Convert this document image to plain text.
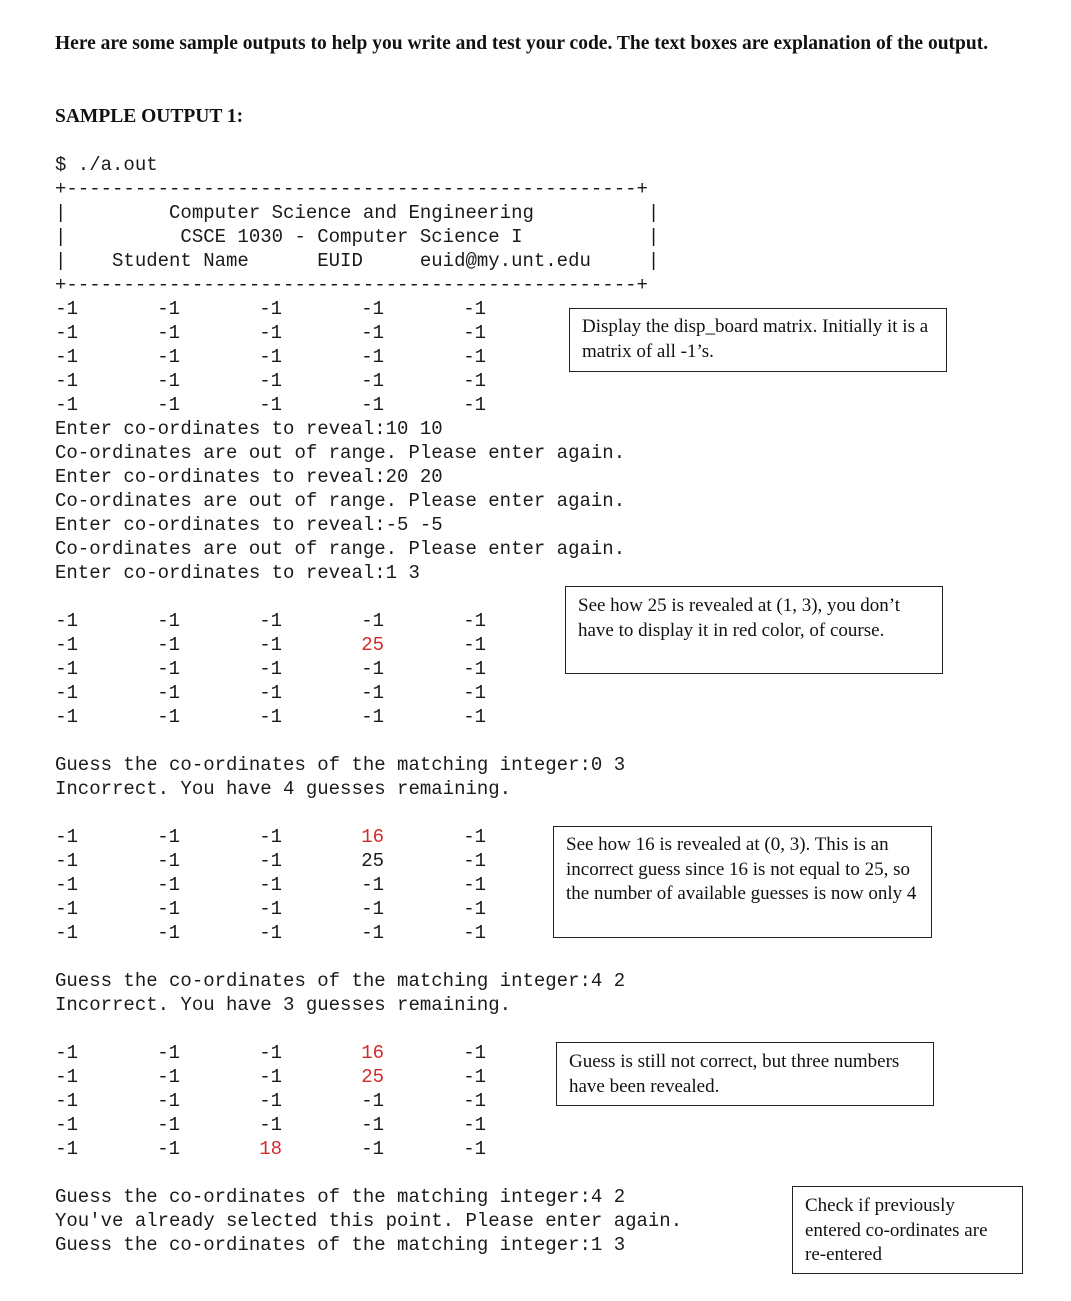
Here are some sample outputs to help you write and test your code. The text boxes are explanation of the output.
SAMPLE OUTPUT 1:
$ ./a.out
+--------------------------------------------------+
|         Computer Science and Engineering          |
|          CSCE 1030 - Computer Science I           |
|    Student Name      EUID     euid@my.unt.edu     |
+--------------------------------------------------+
Enter co-ordinates to reveal:10 10
Co-ordinates are out of range. Please enter again.
Enter co-ordinates to reveal:20 20
Co-ordinates are out of range. Please enter again.
Enter co-ordinates to reveal:-5 -5
Co-ordinates are out of range. Please enter again.
Enter co-ordinates to reveal:1 3
Guess the co-ordinates of the matching integer:0 3
Incorrect. You have 4 guesses remaining.
Guess the co-ordinates of the matching integer:4 2
Incorrect. You have 3 guesses remaining.
Guess the co-ordinates of the matching integer:4 2
You've already selected this point. Please enter again.
Guess the co-ordinates of the matching integer:1 3
Display the disp_board matrix. Initially it is a matrix of all -1’s.
See how 25 is revealed at (1, 3), you don’t have to display it in red color, of course.
See how 16 is revealed at (0, 3). This is an incorrect guess since 16 is not equal to 25, so the number of available guesses is now only 4
Guess is still not correct, but three numbers have been revealed.
Check if previously entered co-ordinates are re-entered
-1	-1	-1	-1	-1
-1	-1	-1	-1	-1
-1	-1	-1	-1	-1
-1	-1	-1	-1	-1
-1	-1	-1	-1	-1
-1	-1	-1	-1	-1
-1	-1	-1	25	-1
-1	-1	-1	-1	-1
-1	-1	-1	-1	-1
-1	-1	-1	-1	-1
-1	-1	-1	16	-1
-1	-1	-1	25	-1
-1	-1	-1	-1	-1
-1	-1	-1	-1	-1
-1	-1	-1	-1	-1
-1	-1	-1	16	-1
-1	-1	-1	25	-1
-1	-1	-1	-1	-1
-1	-1	-1	-1	-1
-1	-1	18	-1	-1
